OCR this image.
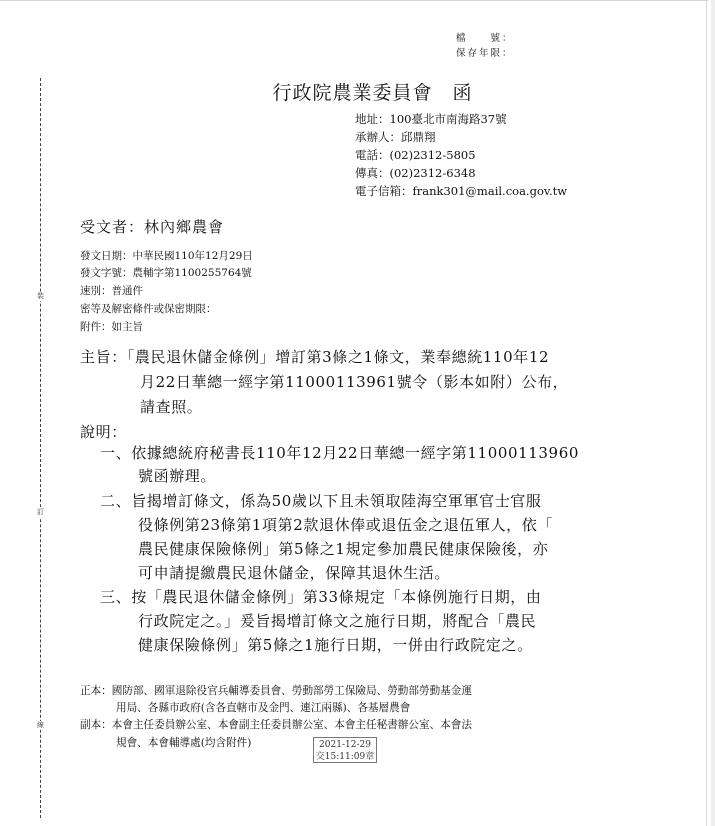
裝
訂
線
檔　　號：
保存年限：
行政院農業委員會　函
地址：100臺北市南海路37號
承辦人：邱鼎翔
電話：(02)2312-5805
傳真：(02)2312-6348
電子信箱：frank301@mail.coa.gov.tw
受文者：林內鄉農會
發文日期：中華民國110年12月29日
發文字號：農輔字第1100255764號
速別：普通件
密等及解密條件或保密期限：
附件：如主旨
主旨：「農民退休儲金條例」增訂第3條之1條文，業奉總統110年12
月22日華總一經字第11000113961號令（影本如附）公布，
請查照。
說明：
一、依據總統府秘書長110年12月22日華總一經字第11000113960
號函辦理。
二、旨揭增訂條文，係為50歲以下且未領取陸海空軍軍官士官服
役條例第23條第1項第2款退休俸或退伍金之退伍軍人，依「
農民健康保險條例」第5條之1規定參加農民健康保險後，亦
可申請提繳農民退休儲金，保障其退休生活。
三、按「農民退休儲金條例」第33條規定「本條例施行日期，由
行政院定之。」爰旨揭增訂條文之施行日期，將配合「農民
健康保險條例」第5條之1施行日期，一併由行政院定之。
正本：國防部、國軍退除役官兵輔導委員會、勞動部勞工保險局、勞動部勞動基金運
用局、各縣市政府(含各直轄市及金門、連江兩縣)、各基層農會
副本：本會主任委員辦公室、本會副主任委員辦公室、本會主任秘書辦公室、本會法
規會、本會輔導處(均含附件)	2021-12-29
交15:11:09章
